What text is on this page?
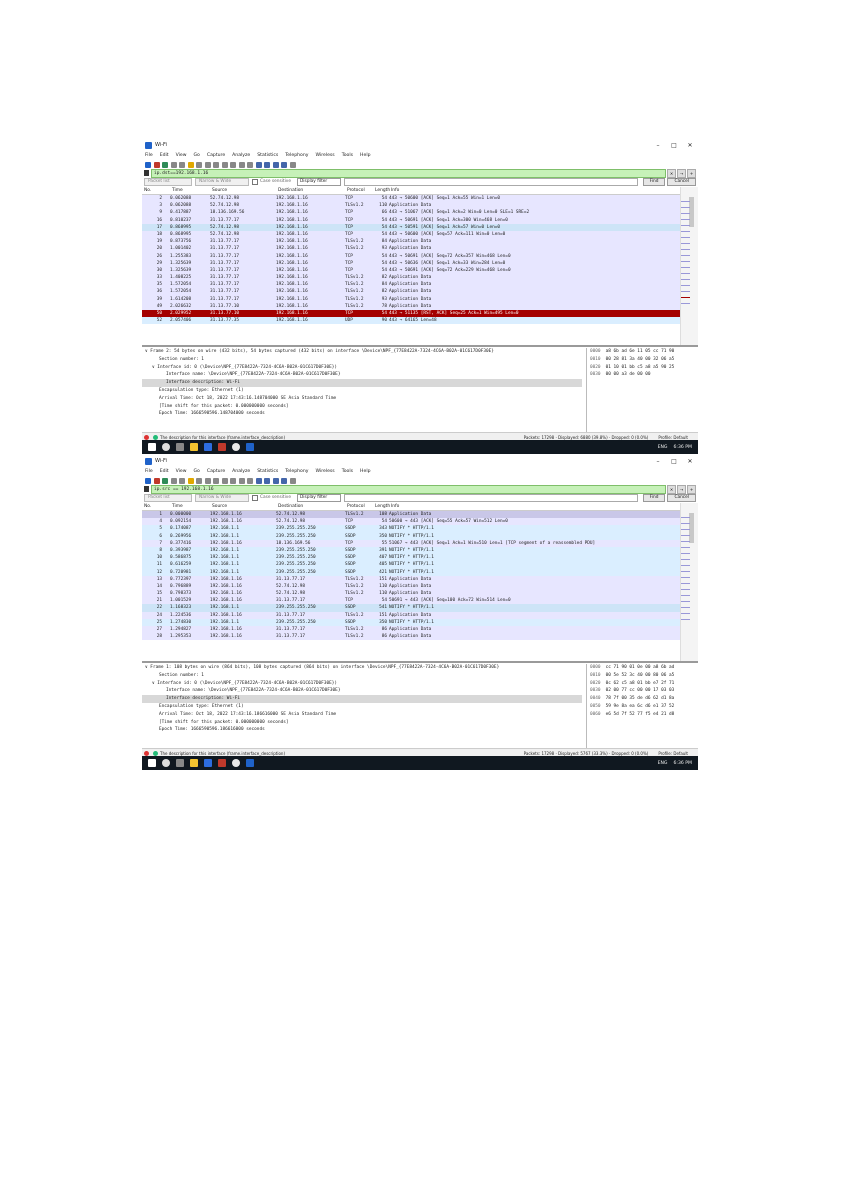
Wi-Fi	–	□	✕
File Edit View Go Capture Analyze Statistics Telephony Wireless Tools Help
ip.dst==192.168.1.16	✕	→	+
Packet list	Narrow & Wide	Case sensitive	Display filter	Find	Cancel
No.	Time	Source	Destination	Protocol	Length Info
2	0.062088	52.74.12.98	192.168.1.16	TCP	54 443 → 50600 [ACK] Seq=1 Ack=55 Win=1 Len=0
3	0.062088	52.74.12.98	192.168.1.16	TLSv1.2	110 Application Data
9	0.417887	18.136.169.56	192.168.1.16	TCP	66 443 → 51067 [ACK] Seq=1 Ack=2 Win=0 Len=0 SLE=1 SRE=2
16	0.810237	31.13.77.17	192.168.1.16	TCP	54 443 → 50691 [ACK] Seq=1 Ack=300 Win=468 Len=0
17	0.868995	52.74.12.98	192.168.1.16	TCP	54 443 → 50591 [ACK] Seq=1 Ack=57 Win=0 Len=0
18	0.868995	52.74.12.98	192.168.1.16	TCP	54 443 → 50600 [ACK] Seq=57 Ack=111 Win=0 Len=0
19	0.873756	31.13.77.17	192.168.1.16	TLSv1.2	84 Application Data
20	1.001402	31.13.77.17	192.168.1.16	TLSv1.2	93 Application Data
26	1.255383	31.13.77.17	192.168.1.16	TCP	54 443 → 50691 [ACK] Seq=72 Ack=357 Win=468 Len=0
29	1.325639	31.13.77.17	192.168.1.16	TCP	54 443 → 50636 [ACK] Seq=1 Ack=33 Win=284 Len=0
30	1.325639	31.13.77.17	192.168.1.16	TCP	54 443 → 50691 [ACK] Seq=72 Ack=229 Win=468 Len=0
33	1.408225	31.13.77.17	192.168.1.16	TLSv1.2	82 Application Data
35	1.572054	31.13.77.17	192.168.1.16	TLSv1.2	84 Application Data
36	1.572054	31.13.77.17	192.168.1.16	TLSv1.2	82 Application Data
39	1.614208	31.13.77.17	192.168.1.16	TLSv1.2	93 Application Data
49	2.026632	31.13.77.10	192.168.1.16	TLSv1.2	78 Application Data
50	2.029952	31.13.77.10	192.168.1.16	TCP	54 443 → 51135 [RST, ACK] Seq=25 Ack=1 Win=495 Len=0
52	2.057406	31.13.77.35	192.168.1.16	UDP	90 443 → 64165 Len=48
∨ Frame 2: 54 bytes on wire (432 bits), 54 bytes captured (432 bits) on interface \Device\NPF_{77E8422A-7324-4C6A-B02A-01C617D0F30E}
Section number: 1
∨ Interface id: 0 (\Device\NPF_{77E8422A-7324-4C6A-B02A-01C617D0F30E})
Interface name: \Device\NPF_{77E8422A-7324-4C6A-B02A-01C617D0F30E}
Interface description: Wi-Fi
Encapsulation type: Ethernet (1)
Arrival Time: Oct 18, 2022 17:43:16.148704000 SE Asia Standard Time
[Time shift for this packet: 0.000000000 seconds]
Epoch Time: 1666590596.148704000 seconds
0000 a8 6b ad 6e 11 05 cc 71 90
0010 00 28 81 3a 40 00 32 06 a5
0020 01 10 01 bb c5 a8 a5 90 25
0030 00 00 a3 de 00 00
The description for this interface (frame.interface_description)	Packets: 17298 · Displayed: 6880 (39.8%) · Dropped: 0 (0.0%)	Profile: Default
ENG 6:36 PM
Wi-Fi	–	□	✕
File Edit View Go Capture Analyze Statistics Telephony Wireless Tools Help
ip.src == 192.168.1.16	✕	→	+
Packet list	Narrow & Wide	Case sensitive	Display filter	Find	Cancel
No.	Time	Source	Destination	Protocol	Length Info
1	0.000000	192.168.1.16	52.74.12.98	TLSv1.2	108 Application Data
4	0.092154	192.168.1.16	52.74.12.98	TCP	54 50600 → 443 [ACK] Seq=55 Ack=57 Win=512 Len=0
5	0.174087	192.168.1.1	239.255.255.250	SSDP	343 NOTIFY * HTTP/1.1
6	0.269956	192.168.1.1	239.255.255.250	SSDP	350 NOTIFY * HTTP/1.1
7	0.377416	192.168.1.16	18.136.169.56	TCP	55 51067 → 443 [ACK] Seq=1 Ack=1 Win=510 Len=1 [TCP segment of a reassembled PDU]
8	0.393987	192.168.1.1	239.255.255.250	SSDP	391 NOTIFY * HTTP/1.1
10	0.586875	192.168.1.1	239.255.255.250	SSDP	407 NOTIFY * HTTP/1.1
11	0.616259	192.168.1.1	239.255.255.250	SSDP	405 NOTIFY * HTTP/1.1
12	0.720981	192.168.1.1	239.255.255.250	SSDP	421 NOTIFY * HTTP/1.1
13	0.772397	192.168.1.16	31.13.77.17	TLSv1.2	151 Application Data
14	0.796889	192.168.1.16	52.74.12.98	TLSv1.2	110 Application Data
15	0.798373	192.168.1.16	52.74.12.98	TLSv1.2	110 Application Data
21	1.001529	192.168.1.16	31.13.77.17	TCP	54 50691 → 443 [ACK] Seq=100 Ack=72 Win=514 Len=0
22	1.168323	192.168.1.1	239.255.255.250	SSDP	541 NOTIFY * HTTP/1.1
24	1.224536	192.168.1.16	31.13.77.17	TLSv1.2	151 Application Data
25	1.274830	192.168.1.1	239.255.255.250	SSDP	350 NOTIFY * HTTP/1.1
27	1.294827	192.168.1.16	31.13.77.17	TLSv1.2	86 Application Data
28	1.295353	192.168.1.16	31.13.77.17	TLSv1.2	86 Application Data
∨ Frame 1: 108 bytes on wire (864 bits), 108 bytes captured (864 bits) on interface \Device\NPF_{77E8422A-7324-4C6A-B02A-01C617D0F30E}
Section number: 1
∨ Interface id: 0 (\Device\NPF_{77E8422A-7324-4C6A-B02A-01C617D0F30E})
Interface name: \Device\NPF_{77E8422A-7324-4C6A-B02A-01C617D0F30E}
Interface description: Wi-Fi
Encapsulation type: Ethernet (1)
Arrival Time: Oct 18, 2022 17:43:16.186616000 SE Asia Standard Time
[Time shift for this packet: 0.000000000 seconds]
Epoch Time: 1666590596.186616000 seconds
0000 cc 71 90 01 0e 00 a8 6b ad
0010 00 5e 52 3c 40 00 80 06 a5
0020 0c 62 c5 a8 01 bb e7 2f 71
0030 02 00 77 cc 00 00 17 03 03
0040 78 7f 00 35 de d6 62 d1 8a
0050 59 9e 8a ea 6c d6 e1 37 52
0060 e6 5d 7f 52 77 f5 e4 21 d8
The description for this interface (frame.interface_description)	Packets: 17298 · Displayed: 5767 (33.3%) · Dropped: 0 (0.0%)	Profile: Default
ENG 6:36 PM
